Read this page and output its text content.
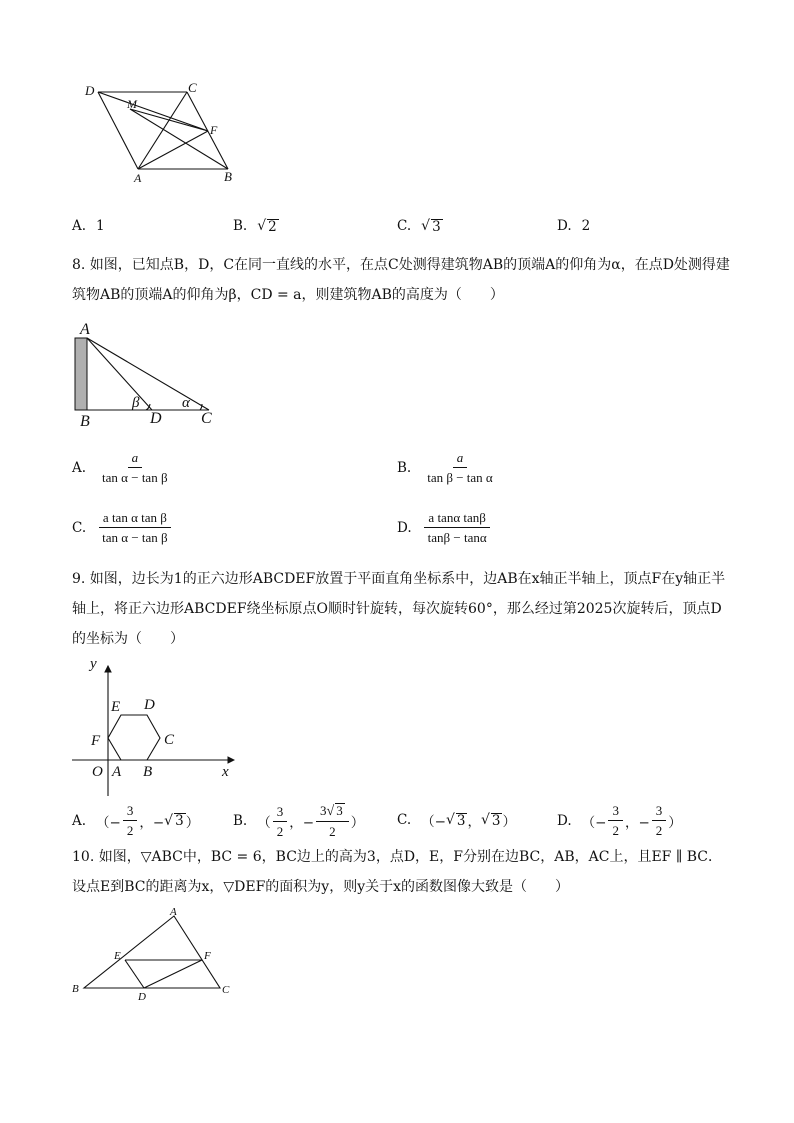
D
M
C
F
A	B
A. 1	B. √ 2	C. √ 3	D. 2
8. 如图，已知点B，D，C在同一直线的水平，在点C处测得建筑物AB的顶端A的仰角为α，在点D处测得建筑物AB的顶端A的仰角为β，CD = a，则建筑物AB的高度为（　　）
A
B	D C
β	α
A. $\frac{a}{\text{tan α − tan β}}$	B. $\frac{a}{\text{tan β − tan α}}$
C. $\frac{\text{a tan α tan β}}{\text{tan α − tan β}}$	D. $\frac{\text{a tanα tanβ}}{\tan\beta - \tan\alpha}$
9. 如图，边长为1的正六边形ABCDEF放置于平面直角坐标系中，边AB在x轴正半轴上，顶点F在y轴正半轴上，将正六边形ABCDEF绕坐标原点O顺时针旋转，每次旋转60°，那么经过第2025次旋转后，顶点D的坐标为（　　）
y
x
O A B
C
D
E
F
A. （− $\frac{3}{2}$ ，− √ 3 ）	B. （ $\frac{3}{2}$ ，− $\frac{3√ 3}{2}$ ） C. （− √ 3 ， √ 3 ）	D. （− $\frac{3}{2}$ ，− $\frac{3}{2}$ ）
10. 如图，▽ABC中，BC = 6，BC边上的高为3，点D，E，F分别在边BC，AB，AC上，且EF ∥ BC．设点E到BC的距离为x，▽DEF的面积为y，则y关于x的函数图像大致是（　　）
A
B	C
D
E	F
